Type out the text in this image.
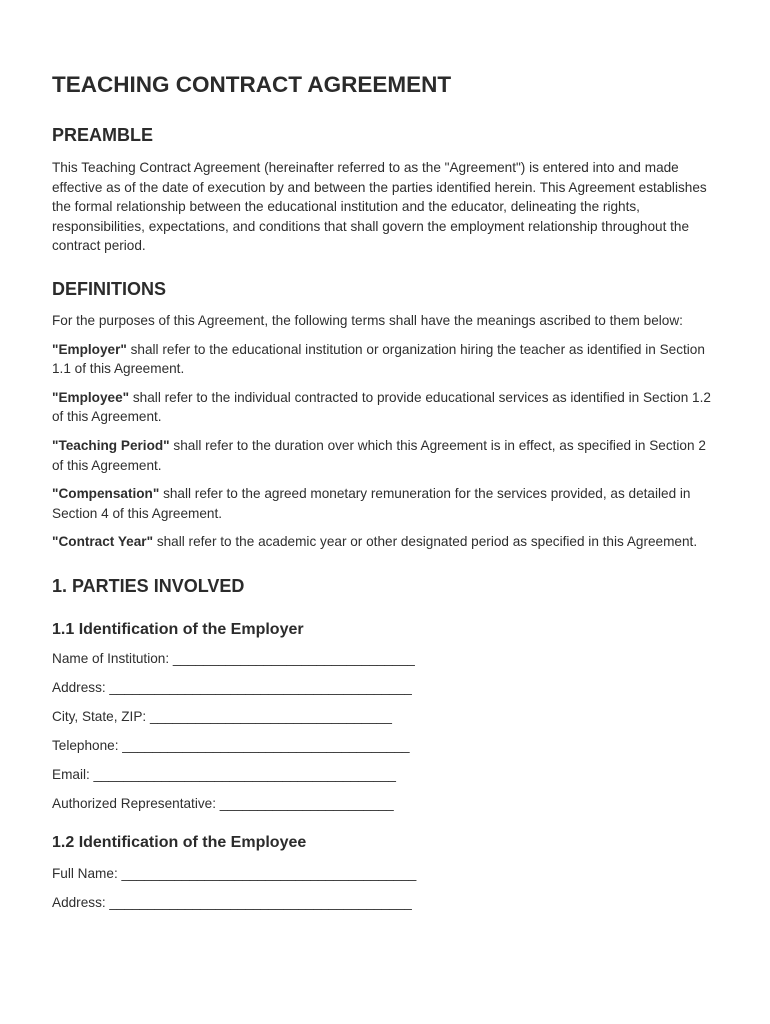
TEACHING CONTRACT AGREEMENT
PREAMBLE

This Teaching Contract Agreement (hereinafter referred to as the "Agreement") is entered into and made effective as of the date of execution by and between the parties identified herein. This Agreement establishes the formal relationship between the educational institution and the educator, delineating the rights, responsibilities, expectations, and conditions that shall govern the employment relationship throughout the contract period.

DEFINITIONS

For the purposes of this Agreement, the following terms shall have the meanings ascribed to them below:

"Employer" shall refer to the educational institution or organization hiring the teacher as identified in Section 1.1 of this Agreement.

"Employee" shall refer to the individual contracted to provide educational services as identified in Section 1.2 of this Agreement.

"Teaching Period" shall refer to the duration over which this Agreement is in effect, as specified in Section 2 of this Agreement.

"Compensation" shall refer to the agreed monetary remuneration for the services provided, as detailed in Section 4 of this Agreement.

"Contract Year" shall refer to the academic year or other designated period as specified in this Agreement.

1. PARTIES INVOLVED
1.1 Identification of the Employer
Name of Institution: ________________________________
Address: ________________________________________
City, State, ZIP: ________________________________
Telephone: ______________________________________
Email: ________________________________________
Authorized Representative: _______________________
1.2 Identification of the Employee
Full Name: _______________________________________
Address: ________________________________________
